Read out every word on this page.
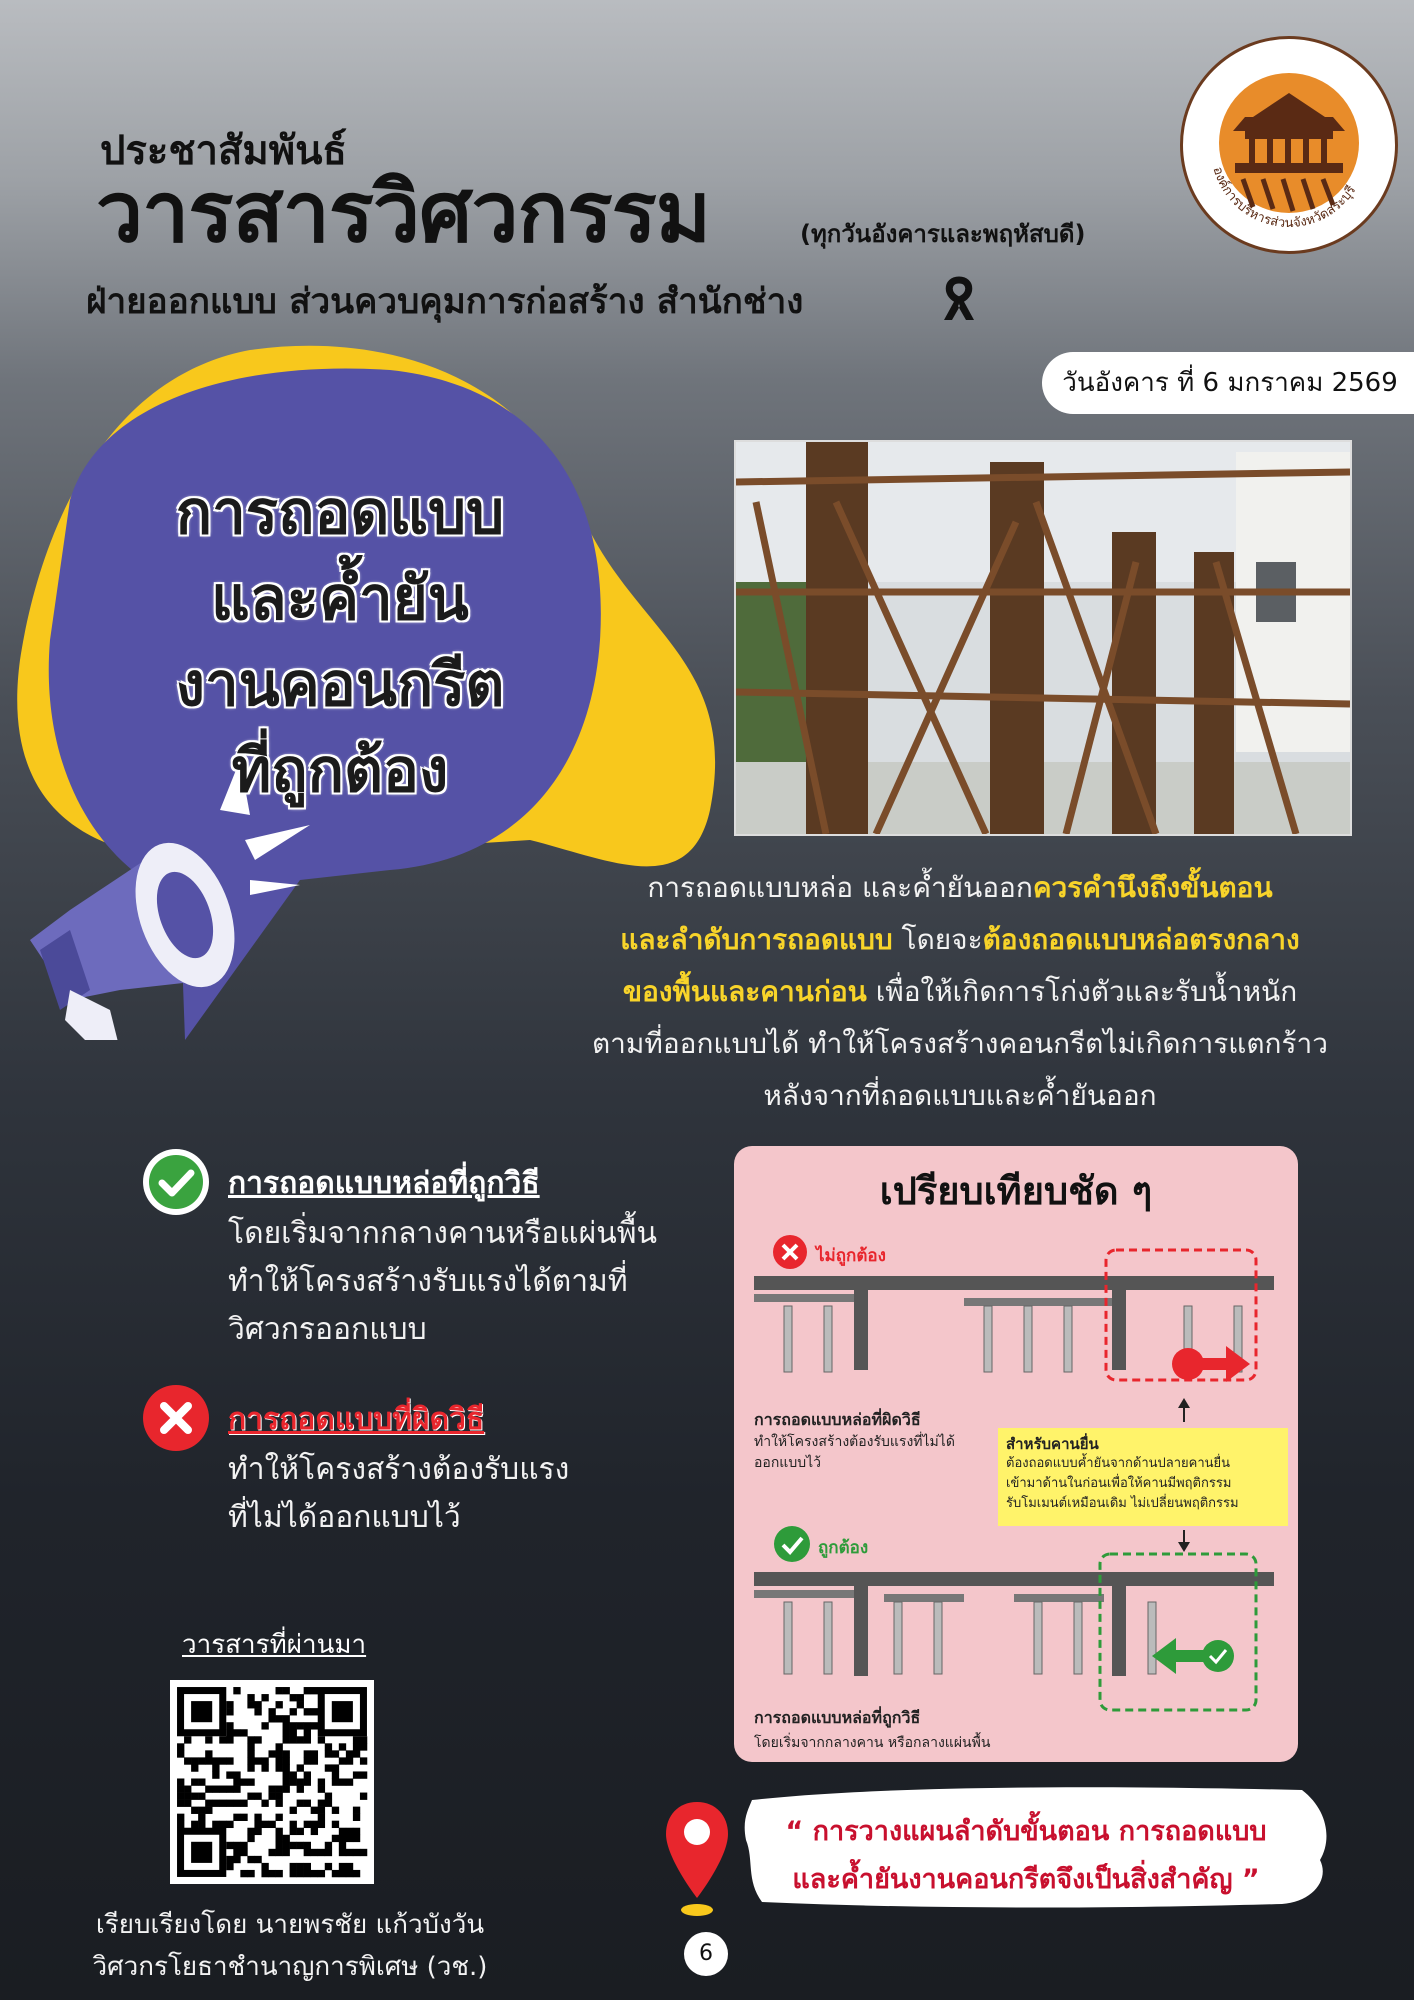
ประชาสัมพันธ์
วารสารวิศวกรรม	(ทุกวันอังคารและพฤหัสบดี)
ฝ่ายออกแบบ ส่วนควบคุมการก่อสร้าง สำนักช่าง
องค์การบริหารส่วนจังหวัดสระบุรี
วันอังคาร ที่ 6 มกราคม 2569
การถอดแบบ
และค้ำยัน
งานคอนกรีต
ที่ถูกต้อง
การถอดแบบหล่อ และค้ำยันออกควรคำนึงถึงขั้นตอน
และลำดับการถอดแบบ โดยจะต้องถอดแบบหล่อตรงกลาง
ของพื้นและคานก่อน เพื่อให้เกิดการโก่งตัวและรับน้ำหนัก
ตามที่ออกแบบได้ ทำให้โครงสร้างคอนกรีตไม่เกิดการแตกร้าว
หลังจากที่ถอดแบบและค้ำยันออก
การถอดแบบหล่อที่ถูกวิธี
โดยเริ่มจากกลางคานหรือแผ่นพื้น
ทำให้โครงสร้างรับแรงได้ตามที่
วิศวกรออกแบบ
การถอดแบบที่ผิดวิธี
ทำให้โครงสร้างต้องรับแรง
ที่ไม่ได้ออกแบบไว้
เปรียบเทียบชัด ๆ
ไม่ถูกต้อง
การถอดแบบหล่อที่ผิดวิธี
ทำให้โครงสร้างต้องรับแรงที่ไม่ได้
ออกแบบไว้
สำหรับคานยื่น
ต้องถอดแบบค้ำยันจากด้านปลายคานยื่น
เข้ามาด้านในก่อนเพื่อให้คานมีพฤติกรรม
รับโมเมนต์เหมือนเดิม ไม่เปลี่ยนพฤติกรรม
ถูกต้อง
การถอดแบบหล่อที่ถูกวิธี
โดยเริ่มจากกลางคาน หรือกลางแผ่นพื้น
วารสารที่ผ่านมา
เรียบเรียงโดย นายพรชัย แก้วบังวัน
วิศวกรโยธาชำนาญการพิเศษ (วช.)
“ การวางแผนลำดับขั้นตอน การถอดแบบ
และค้ำยันงานคอนกรีตจึงเป็นสิ่งสำคัญ ”
6
